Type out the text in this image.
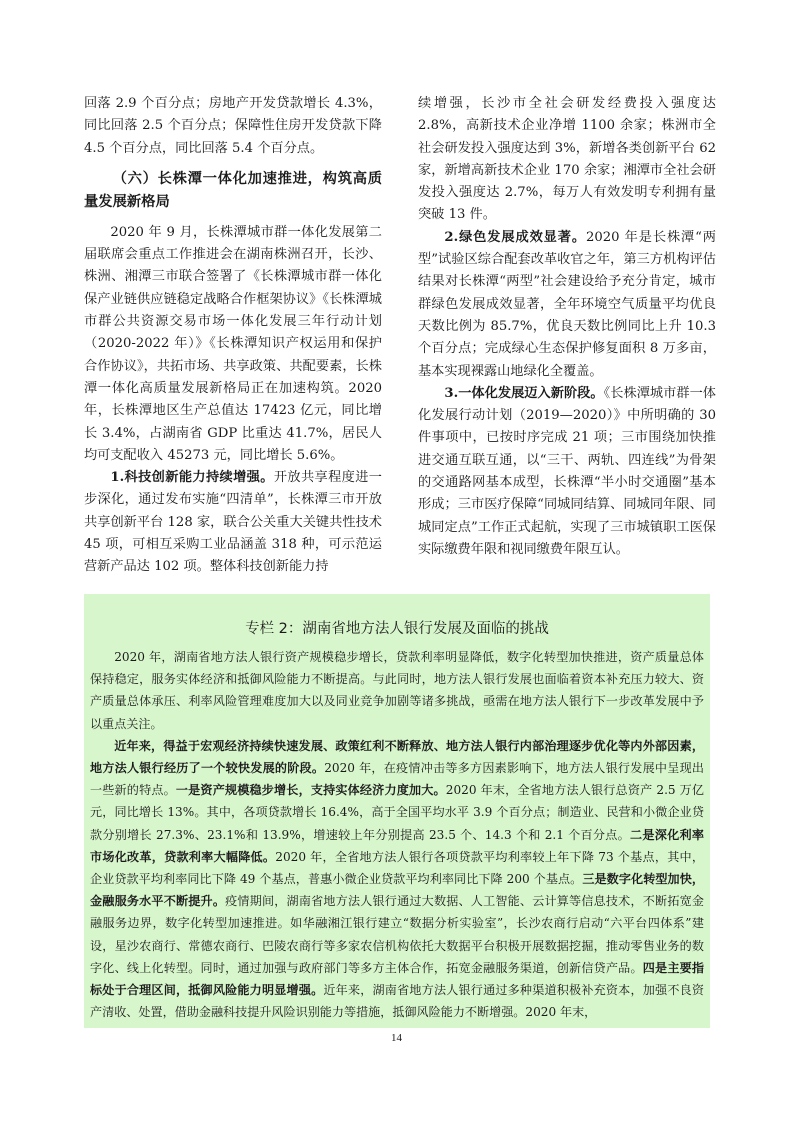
回落 2.9 个百分点；房地产开发贷款增长 4.3%，同比回落 2.5 个百分点；保障性住房开发贷款下降 4.5 个百分点，同比回落 5.4 个百分点。

（六）长株潭一体化加速推进，构筑高质量发展新格局

2020 年 9 月，长株潭城市群一体化发展第二届联席会重点工作推进会在湖南株洲召开，长沙、株洲、湘潭三市联合签署了《长株潭城市群一体化保产业链供应链稳定战略合作框架协议》《长株潭城市群公共资源交易市场一体化发展三年行动计划（2020-2022 年）》《长株潭知识产权运用和保护合作协议》，共拓市场、共享政策、共配要素，长株潭一体化高质量发展新格局正在加速构筑。2020 年，长株潭地区生产总值达 17423 亿元，同比增长 3.4%，占湖南省 GDP 比重达 41.7%，居民人均可支配收入 45273 元，同比增长 5.6%。

1.科技创新能力持续增强。开放共享程度进一步深化，通过发布实施“四清单”，长株潭三市开放共享创新平台 128 家，联合公关重大关键共性技术 45 项，可相互采购工业品涵盖 318 种，可示范运营新产品达 102 项。整体科技创新能力持

续增强，长沙市全社会研发经费投入强度达 2.8%，高新技术企业净增 1100 余家；株洲市全社会研发投入强度达到 3%，新增各类创新平台 62 家，新增高新技术企业 170 余家；湘潭市全社会研发投入强度达 2.7%，每万人有效发明专利拥有量突破 13 件。

2.绿色发展成效显著。2020 年是长株潭“两型”试验区综合配套改革收官之年，第三方机构评估结果对长株潭“两型”社会建设给予充分肯定，城市群绿色发展成效显著，全年环境空气质量平均优良天数比例为 85.7%，优良天数比例同比上升 10.3 个百分点；完成绿心生态保护修复面积 8 万多亩，基本实现裸露山地绿化全覆盖。

3.一体化发展迈入新阶段。《长株潭城市群一体化发展行动计划（2019—2020）》中所明确的 30 件事项中，已按时序完成 21 项；三市围绕加快推进交通互联互通，以“三干、两轨、四连线”为骨架的交通路网基本成型，长株潭“半小时交通圈”基本形成；三市医疗保障“同城同结算、同城同年限、同城同定点”工作正式起航，实现了三市城镇职工医保实际缴费年限和视同缴费年限互认。

专栏 2：湖南省地方法人银行发展及面临的挑战

2020 年，湖南省地方法人银行资产规模稳步增长，贷款利率明显降低，数字化转型加快推进，资产质量总体保持稳定，服务实体经济和抵御风险能力不断提高。与此同时，地方法人银行发展也面临着资本补充压力较大、资产质量总体承压、利率风险管理难度加大以及同业竞争加剧等诸多挑战，亟需在地方法人银行下一步改革发展中予以重点关注。

近年来，得益于宏观经济持续快速发展、政策红利不断释放、地方法人银行内部治理逐步优化等内外部因素，地方法人银行经历了一个较快发展的阶段。2020 年，在疫情冲击等多方因素影响下，地方法人银行发展中呈现出一些新的特点。一是资产规模稳步增长，支持实体经济力度加大。2020 年末，全省地方法人银行总资产 2.5 万亿元，同比增长 13%。其中，各项贷款增长 16.4%，高于全国平均水平 3.9 个百分点；制造业、民营和小微企业贷款分别增长 27.3%、23.1%和 13.9%，增速较上年分别提高 23.5 个、14.3 个和 2.1 个百分点。二是深化利率市场化改革，贷款利率大幅降低。2020 年，全省地方法人银行各项贷款平均利率较上年下降 73 个基点，其中，企业贷款平均利率同比下降 49 个基点，普惠小微企业贷款平均利率同比下降 200 个基点。三是数字化转型加快，金融服务水平不断提升。疫情期间，湖南省地方法人银行通过大数据、人工智能、云计算等信息技术，不断拓宽金融服务边界，数字化转型加速推进。如华融湘江银行建立“数据分析实验室”，长沙农商行启动“六平台四体系”建设，星沙农商行、常德农商行、巴陵农商行等多家农信机构依托大数据平台积极开展数据挖掘，推动零售业务的数字化、线上化转型。同时，通过加强与政府部门等多方主体合作，拓宽金融服务渠道，创新信贷产品。四是主要指标处于合理区间，抵御风险能力明显增强。近年来，湖南省地方法人银行通过多种渠道积极补充资本，加强不良资产清收、处置，借助金融科技提升风险识别能力等措施，抵御风险能力不断增强。2020 年末，

14
